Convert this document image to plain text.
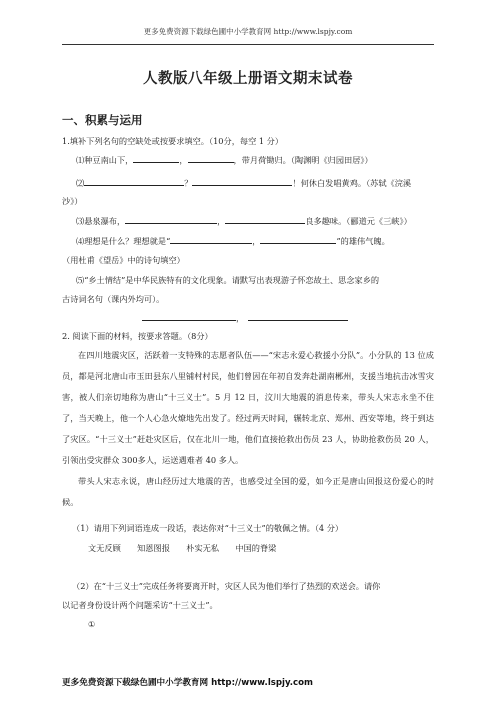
更多免费资源下载绿色圃中小学教育网 http://www.lspjy.com
人教版八年级上册语文期末试卷
一、积累与运用
1.填补下列名句的空缺处或按要求填空。（10分，每空 1 分）
⑴种豆南山下，	，	，带月荷锄归。（陶渊明《归园田居》）
⑵	？	！何休白发唱黄鸡。（苏轼《浣溪
沙》）
⑶悬泉瀑布，	，	良多趣味。（郦道元《三峡》）
⑷理想是什么？理想就是“	，	”的雄伟气魄。
（用杜甫《望岳》中的诗句填空）
⑸“乡土情结”是中华民族特有的文化现象。请默写出表现游子怀恋故土、思念家乡的
古诗词名句（课内外均可）。
，
2. 阅读下面的材料，按要求答题。（8分）

在四川地震灾区，活跃着一支特殊的志愿者队伍——“宋志永爱心救援小分队”。小分队的 13 位成员，都是河北唐山市玉田县东八里铺村村民，他们曾因在年初自发奔赴湖南郴州，支援当地抗击冰雪灾害，被人们亲切地称为唐山“十三义士”。5 月 12 日，汶川大地震的消息传来，带头人宋志永坐不住了，当天晚上，他一个人心急火燎地先出发了。经过两天时间，辗转北京、郑州、西安等地，终于到达了灾区。“十三义士”赶赴灾区后，仅在北川一地，他们直接抢救出伤员 23 人，协助抢救伤员 20 人，引领出受灾群众 300多人，运送遇难者 40 多人。

带头人宋志永说，唐山经历过大地震的苦，也感受过全国的爱，如今正是唐山回报这份爱心的时候。

（1）请用下列词语连成一段话，表达你对“十三义士”的敬佩之情。（4 分）
文无反顾　　知恩图报　　朴实无私　　中国的脊梁
（2）在“十三义士”完成任务将要离开时，灾区人民为他们举行了热烈的欢送会。请你
以记者身份设计两个问题采访“十三义士”。
①
更多免费资源下载绿色圃中小学教育网 http://www.lspjy.com
